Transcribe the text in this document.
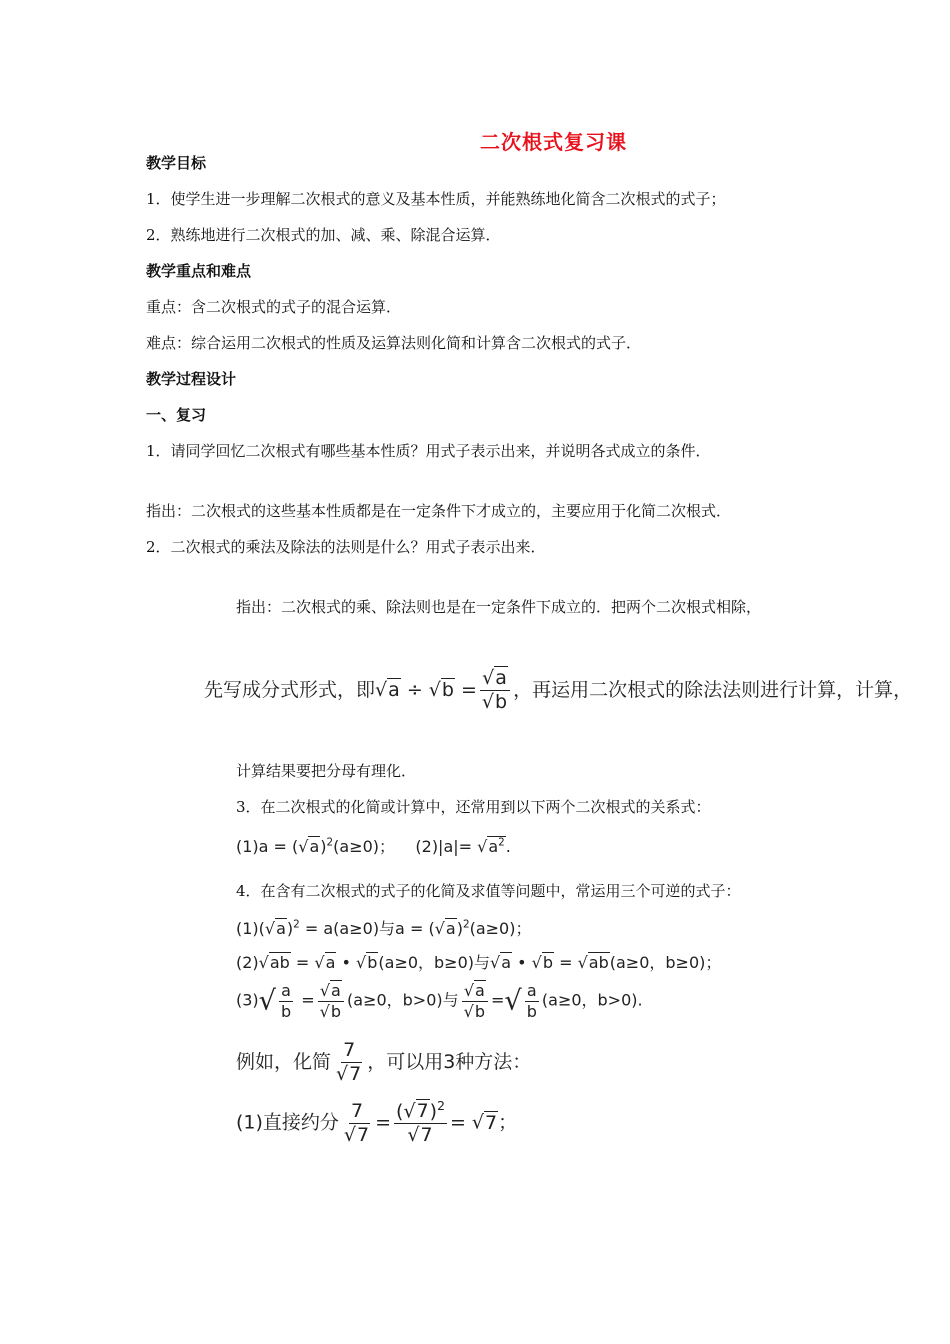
二次根式复习课
教学目标
1．使学生进一步理解二次根式的意义及基本性质，并能熟练地化简含二次根式的式子；
2．熟练地进行二次根式的加、减、乘、除混合运算．
教学重点和难点
重点：含二次根式的式子的混合运算．
难点：综合运用二次根式的性质及运算法则化简和计算含二次根式的式子．
教学过程设计
一、复习
1．请同学回忆二次根式有哪些基本性质？用式子表示出来，并说明各式成立的条件．
指出：二次根式的这些基本性质都是在一定条件下才成立的，主要应用于化简二次根式．
2．二次根式的乘法及除法的法则是什么？用式子表示出来．
指出：二次根式的乘、除法则也是在一定条件下成立的．把两个二次根式相除，
先写成分式形式，即$√a \div √b = \frac{√a}{√b}$ ，再运用二次根式的除法法则进行计算，计算，
计算结果要把分母有理化．
3．在二次根式的化简或计算中，还常用到以下两个二次根式的关系式：
$(1)a = (√a)^2(a\ge 0)$；    $(2)|a|= √a^2$.
4．在含有二次根式的式子的化简及求值等问题中，常运用三个可逆的式子：
$(1)(√a)^2 = a(a\ge 0)$与$a = (√a)^2(a\ge 0)$；
(2)√ab = √a • √b(a≥0，b≥0)与√a • √b = √ab(a≥0，b≥0)；
$(3)√ \frac{a}{b} = \frac{√a}{√b} (a\ge 0$，b>0)与 $\frac{√a}{√b}$ =√ $\frac{a}{b} (a\ge 0$，b>0).
例如，化简 $\frac{7}{√7}$ ，可以用3种方法：
(1)直接约分 $\frac{7}{√7} = \frac{(√7)^2}{√7} = √7$；
